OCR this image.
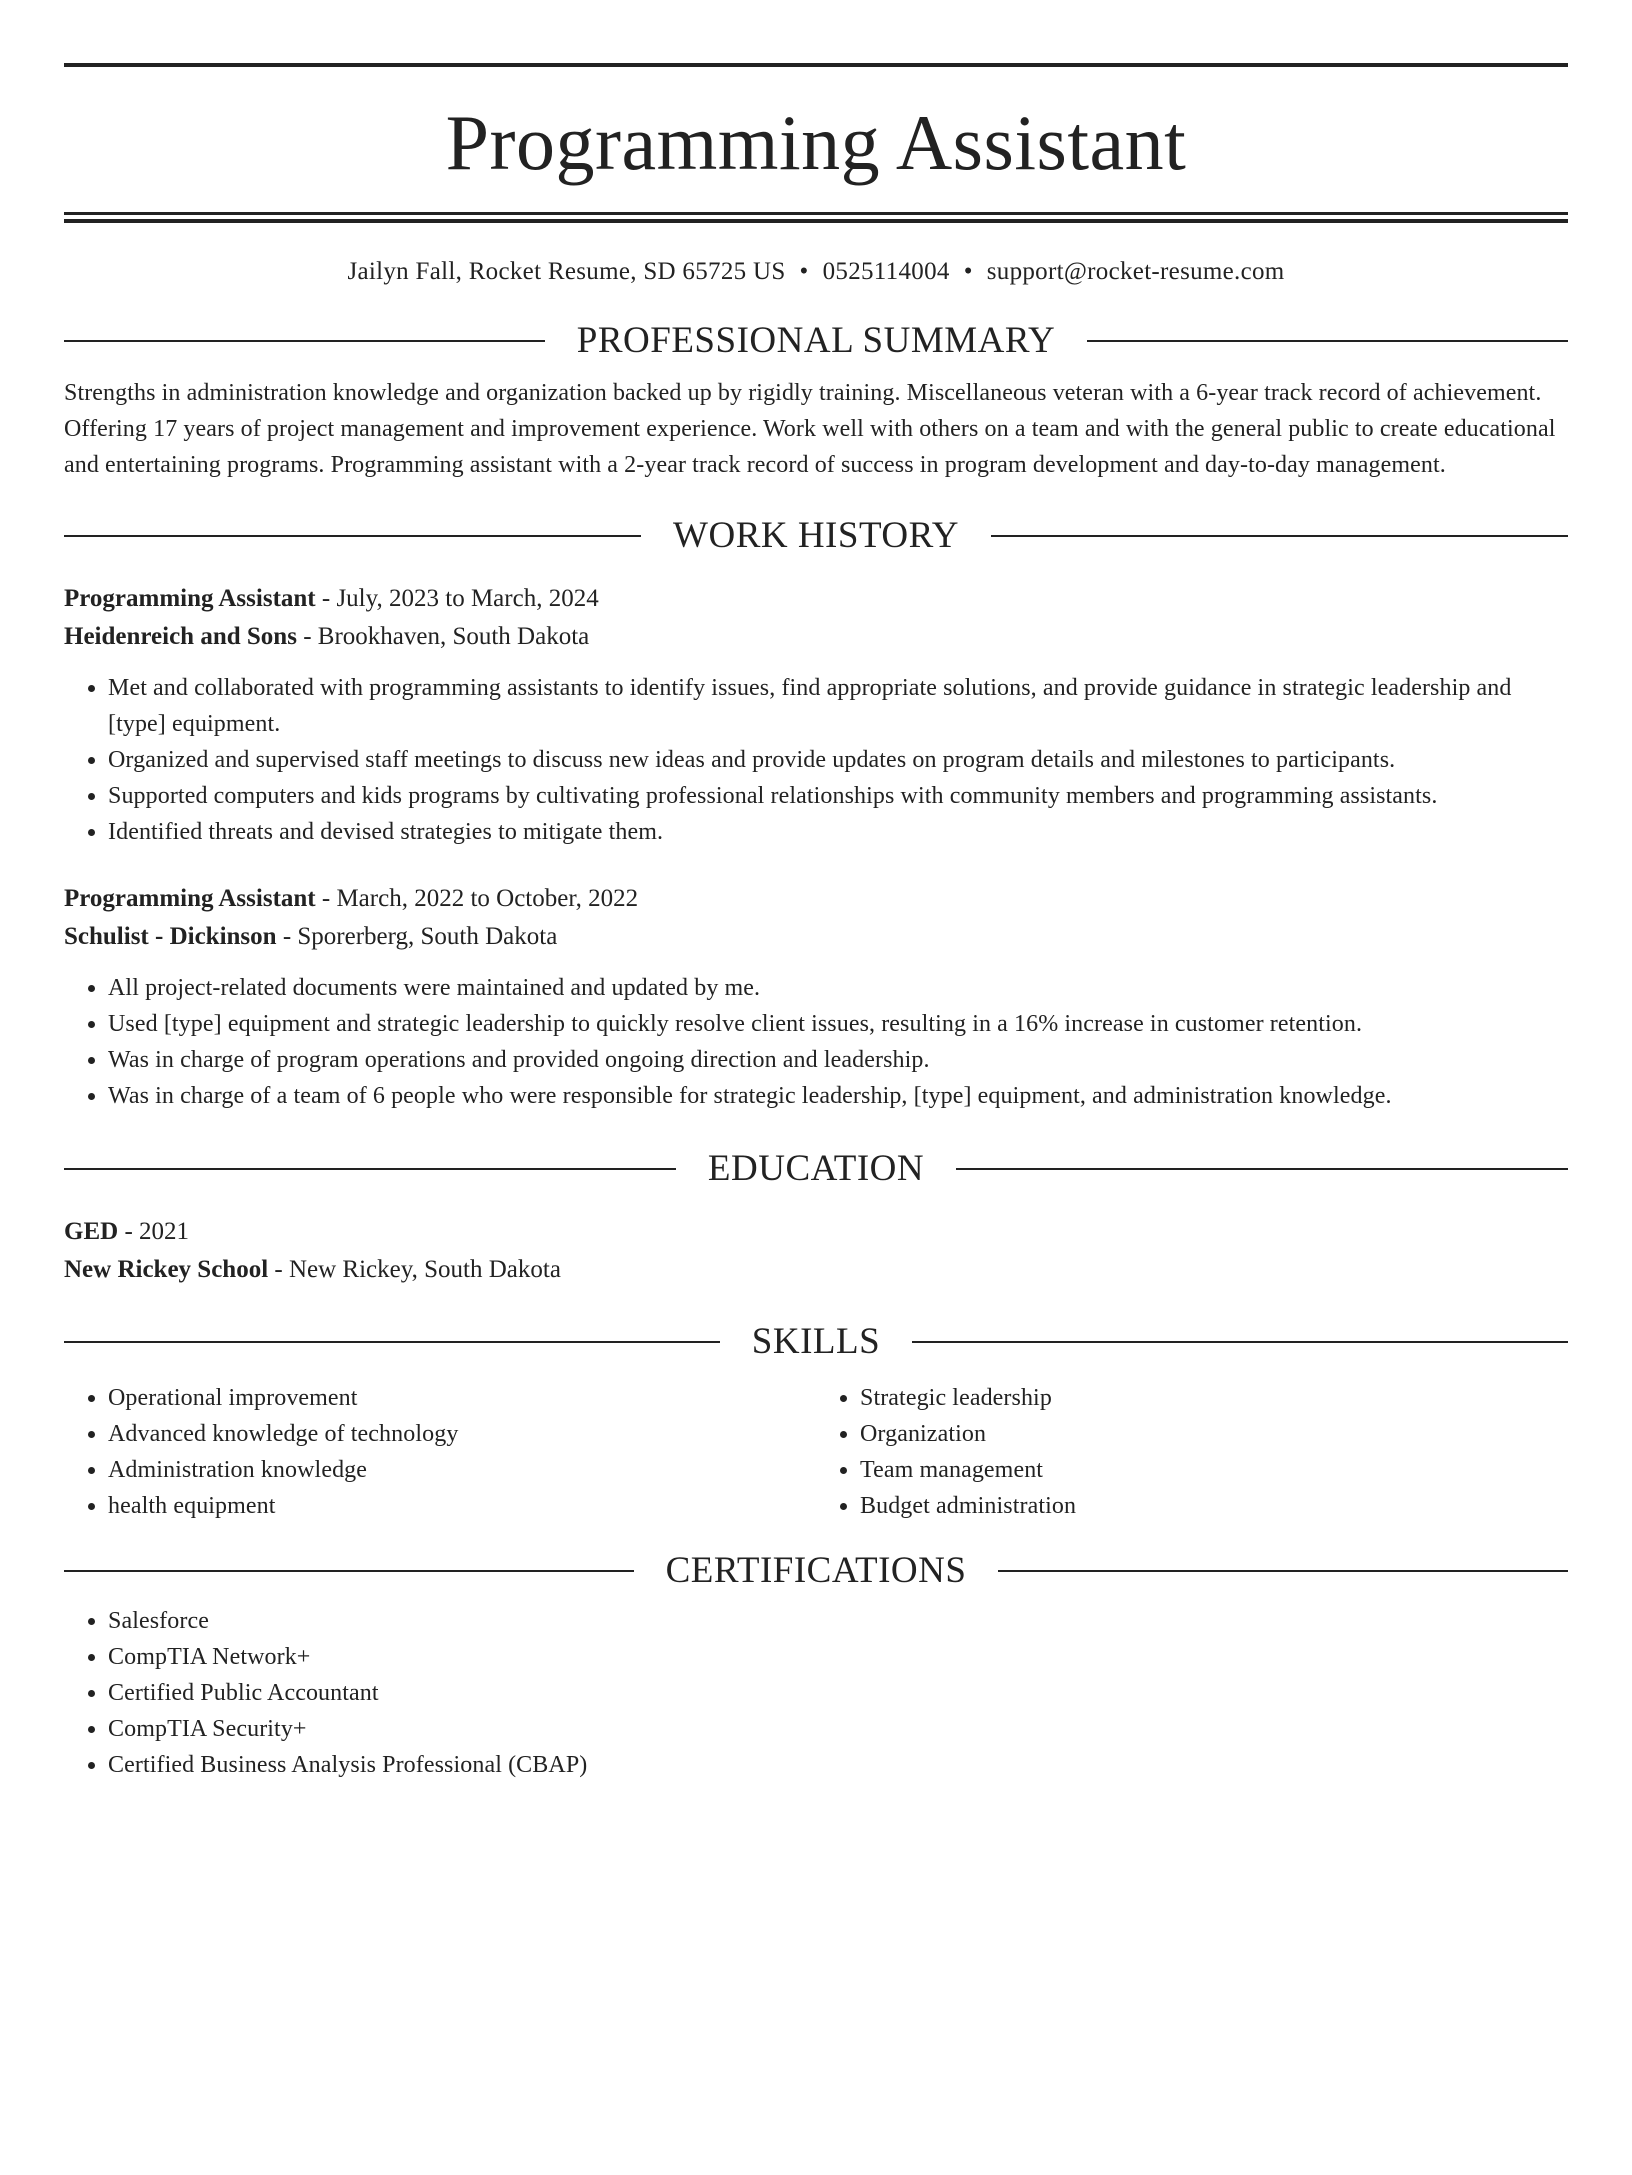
Programming Assistant
Jailyn Fall, Rocket Resume, SD 65725 US • 0525114004 • support@rocket-resume.com
PROFESSIONAL SUMMARY
Strengths in administration knowledge and organization backed up by rigidly training. Miscellaneous veteran with a 6-year track record of achievement. Offering 17 years of project management and improvement experience. Work well with others on a team and with the general public to create educational and entertaining programs. Programming assistant with a 2-year track record of success in program development and day-to-day management.
WORK HISTORY
Programming Assistant - July, 2023 to March, 2024
Heidenreich and Sons - Brookhaven, South Dakota
• Met and collaborated with programming assistants to identify issues, find appropriate solutions, and provide guidance in strategic leadership and [type] equipment.
• Organized and supervised staff meetings to discuss new ideas and provide updates on program details and milestones to participants.
• Supported computers and kids programs by cultivating professional relationships with community members and programming assistants.
• Identified threats and devised strategies to mitigate them.
Programming Assistant - March, 2022 to October, 2022
Schulist - Dickinson - Sporerberg, South Dakota
• All project-related documents were maintained and updated by me.
• Used [type] equipment and strategic leadership to quickly resolve client issues, resulting in a 16% increase in customer retention.
• Was in charge of program operations and provided ongoing direction and leadership.
• Was in charge of a team of 6 people who were responsible for strategic leadership, [type] equipment, and administration knowledge.
EDUCATION
GED - 2021
New Rickey School - New Rickey, South Dakota
SKILLS
• Operational improvement
• Advanced knowledge of technology
• Administration knowledge
• health equipment
• Strategic leadership
• Organization
• Team management
• Budget administration
CERTIFICATIONS
• Salesforce
• CompTIA Network+
• Certified Public Accountant
• CompTIA Security+
• Certified Business Analysis Professional (CBAP)
